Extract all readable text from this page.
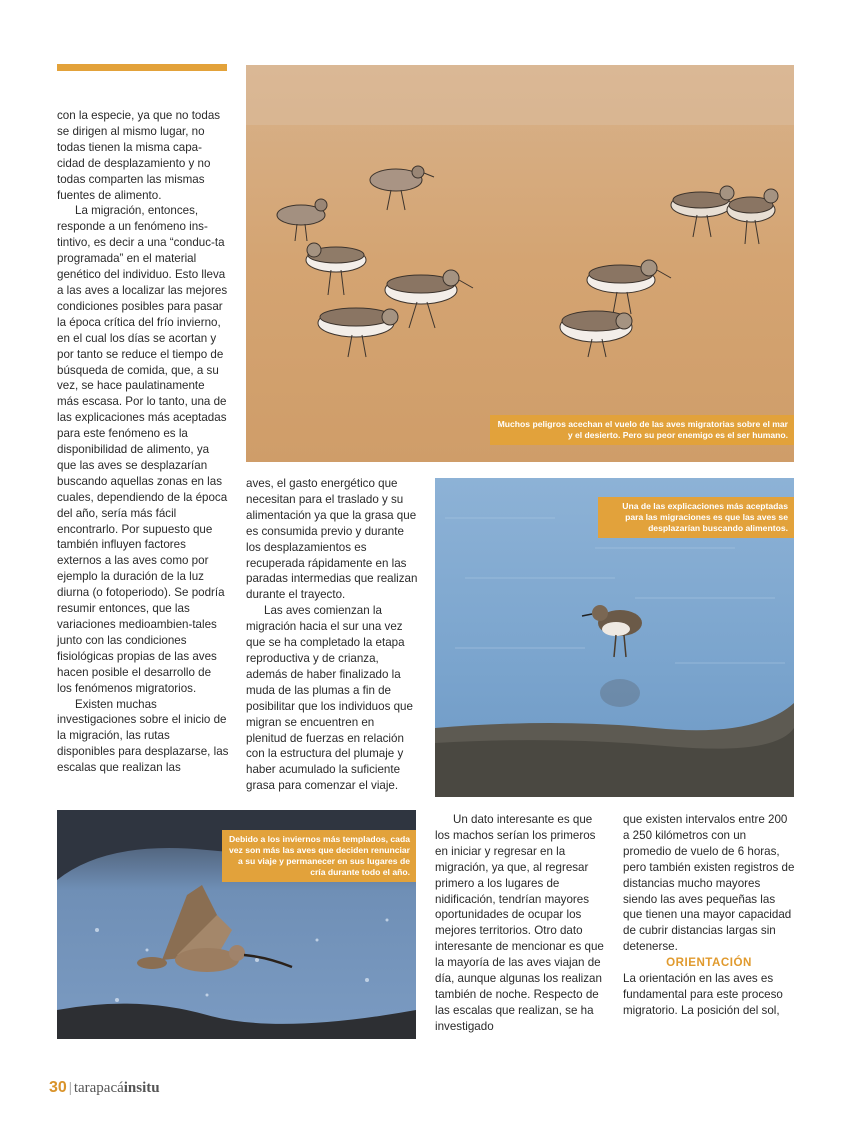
con la especie, ya que no todas se dirigen al mismo lugar, no todas tienen la misma capa-cidad de desplazamiento y no todas comparten las mismas fuentes de alimento.

La migración, entonces, responde a un fenómeno ins-tintivo, es decir a una “conduc-ta programada” en el material genético del individuo. Esto lleva a las aves a localizar las mejores condiciones posibles para pasar la época crítica del frío invierno, en el cual los días se acortan y por tanto se reduce el tiempo de búsqueda de comida, que, a su vez, se hace paulatinamente más escasa. Por lo tanto, una de las explicaciones más aceptadas para este fenómeno es la disponibilidad de alimento, ya que las aves se desplazarían buscando aquellas zonas en las cuales, dependiendo de la época del año, sería más fácil encontrarlo. Por supuesto que también influyen factores externos a las aves como por ejemplo la duración de la luz diurna (o fotoperiodo). Se podría resumir entonces, que las variaciones medioambien-tales junto con las condiciones fisiológicas propias de las aves hacen posible el desarrollo de los fenómenos migratorios.

Existen muchas investigaciones sobre el inicio de la migración, las rutas disponibles para desplazarse, las escalas que realizan las

Muchos peligros acechan el vuelo de las aves migratorias sobre el mar y el desierto. Pero su peor enemigo es el ser humano.

aves, el gasto energético que necesitan para el traslado y su alimentación ya que la grasa que es consumida previo y durante los desplazamientos es recuperada rápidamente en las paradas intermedias que realizan durante el trayecto.

Las aves comienzan la migración hacia el sur una vez que se ha completado la etapa reproductiva y de crianza, además de haber finalizado la muda de las plumas a fin de posibilitar que los individuos que migran se encuentren en plenitud de fuerzas en relación con la estructura del plumaje y haber acumulado la suficiente grasa para comenzar el viaje.

Una de las explicaciones más aceptadas para las migraciones es que las aves se desplazarían buscando alimentos.
Debido a los inviernos más templados, cada vez son más las aves que deciden renunciar a su viaje y permanecer en sus lugares de cría durante todo el año.

Un dato interesante es que los machos serían los primeros en iniciar y regresar en la migración, ya que, al regresar primero a los lugares de nidificación, tendrían mayores oportunidades de ocupar los mejores territorios. Otro dato interesante de mencionar es que la mayoría de las aves viajan de día, aunque algunas los realizan también de noche. Respecto de las escalas que realizan, se ha investigado

que existen intervalos entre 200 a 250 kilómetros con un promedio de vuelo de 6 horas, pero también existen registros de distancias mucho mayores siendo las aves pequeñas las que tienen una mayor capacidad de cubrir distancias largas sin detenerse.

ORIENTACIÓN

La orientación en las aves es fundamental para este proceso migratorio. La posición del sol,

30 | tarapacáinsitu
